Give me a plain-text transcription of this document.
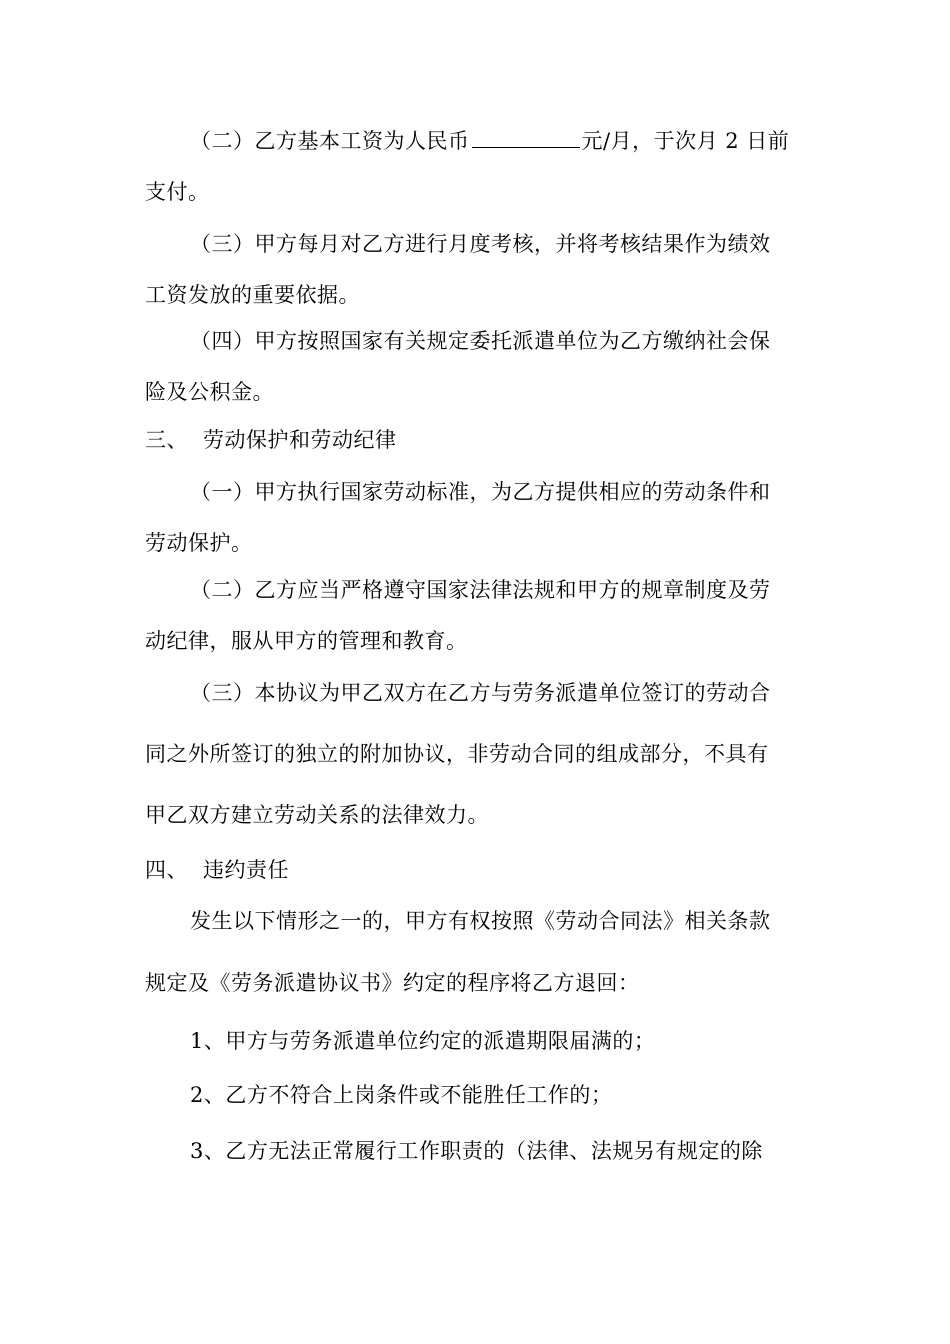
（二）乙方基本工资为人民币	元/月，于次月 2 日前
支付。
（三）甲方每月对乙方进行月度考核，并将考核结果作为绩效
工资发放的重要依据。
（四）甲方按照国家有关规定委托派遣单位为乙方缴纳社会保
险及公积金。
三、 劳动保护和劳动纪律
（一）甲方执行国家劳动标准，为乙方提供相应的劳动条件和
劳动保护。
（二）乙方应当严格遵守国家法律法规和甲方的规章制度及劳
动纪律，服从甲方的管理和教育。
（三）本协议为甲乙双方在乙方与劳务派遣单位签订的劳动合
同之外所签订的独立的附加协议，非劳动合同的组成部分，不具有
甲乙双方建立劳动关系的法律效力。
四、 违约责任
发生以下情形之一的，甲方有权按照《劳动合同法》相关条款
规定及《劳务派遣协议书》约定的程序将乙方退回：
1、甲方与劳务派遣单位约定的派遣期限届满的；
2、乙方不符合上岗条件或不能胜任工作的；
3、乙方无法正常履行工作职责的（法律、法规另有规定的除
